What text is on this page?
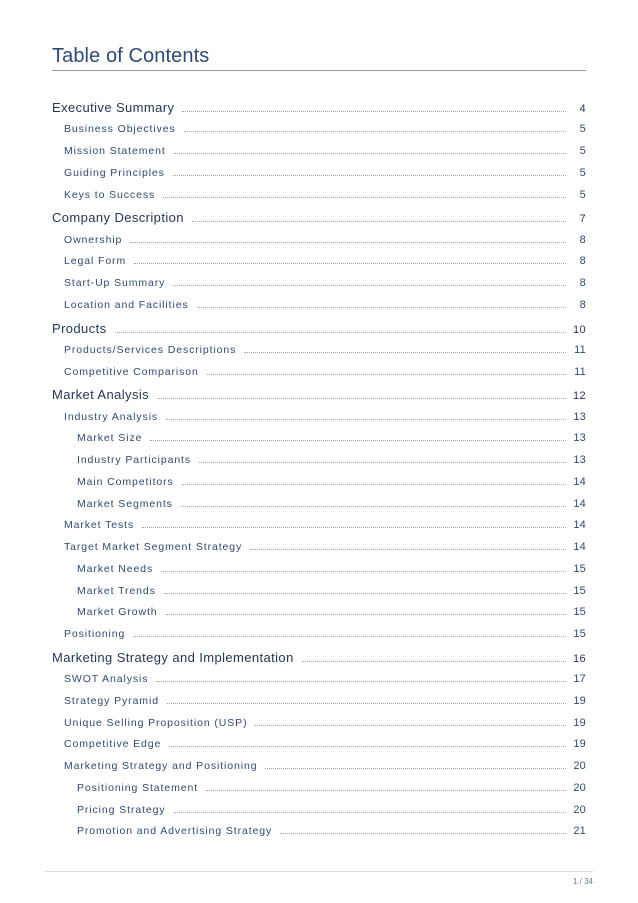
Table of Contents
Executive Summary	4
Business Objectives	5
Mission Statement	5
Guiding Principles	5
Keys to Success	5
Company Description	7
Ownership	8
Legal Form	8
Start-Up Summary	8
Location and Facilities	8
Products	10
Products/Services Descriptions	11
Competitive Comparison	11
Market Analysis	12
Industry Analysis	13
Market Size	13
Industry Participants	13
Main Competitors	14
Market Segments	14
Market Tests	14
Target Market Segment Strategy	14
Market Needs	15
Market Trends	15
Market Growth	15
Positioning	15
Marketing Strategy and Implementation	16
SWOT Analysis	17
Strategy Pyramid	19
Unique Selling Proposition (USP)	19
Competitive Edge	19
Marketing Strategy and Positioning	20
Positioning Statement	20
Pricing Strategy	20
Promotion and Advertising Strategy	21
1 / 34
